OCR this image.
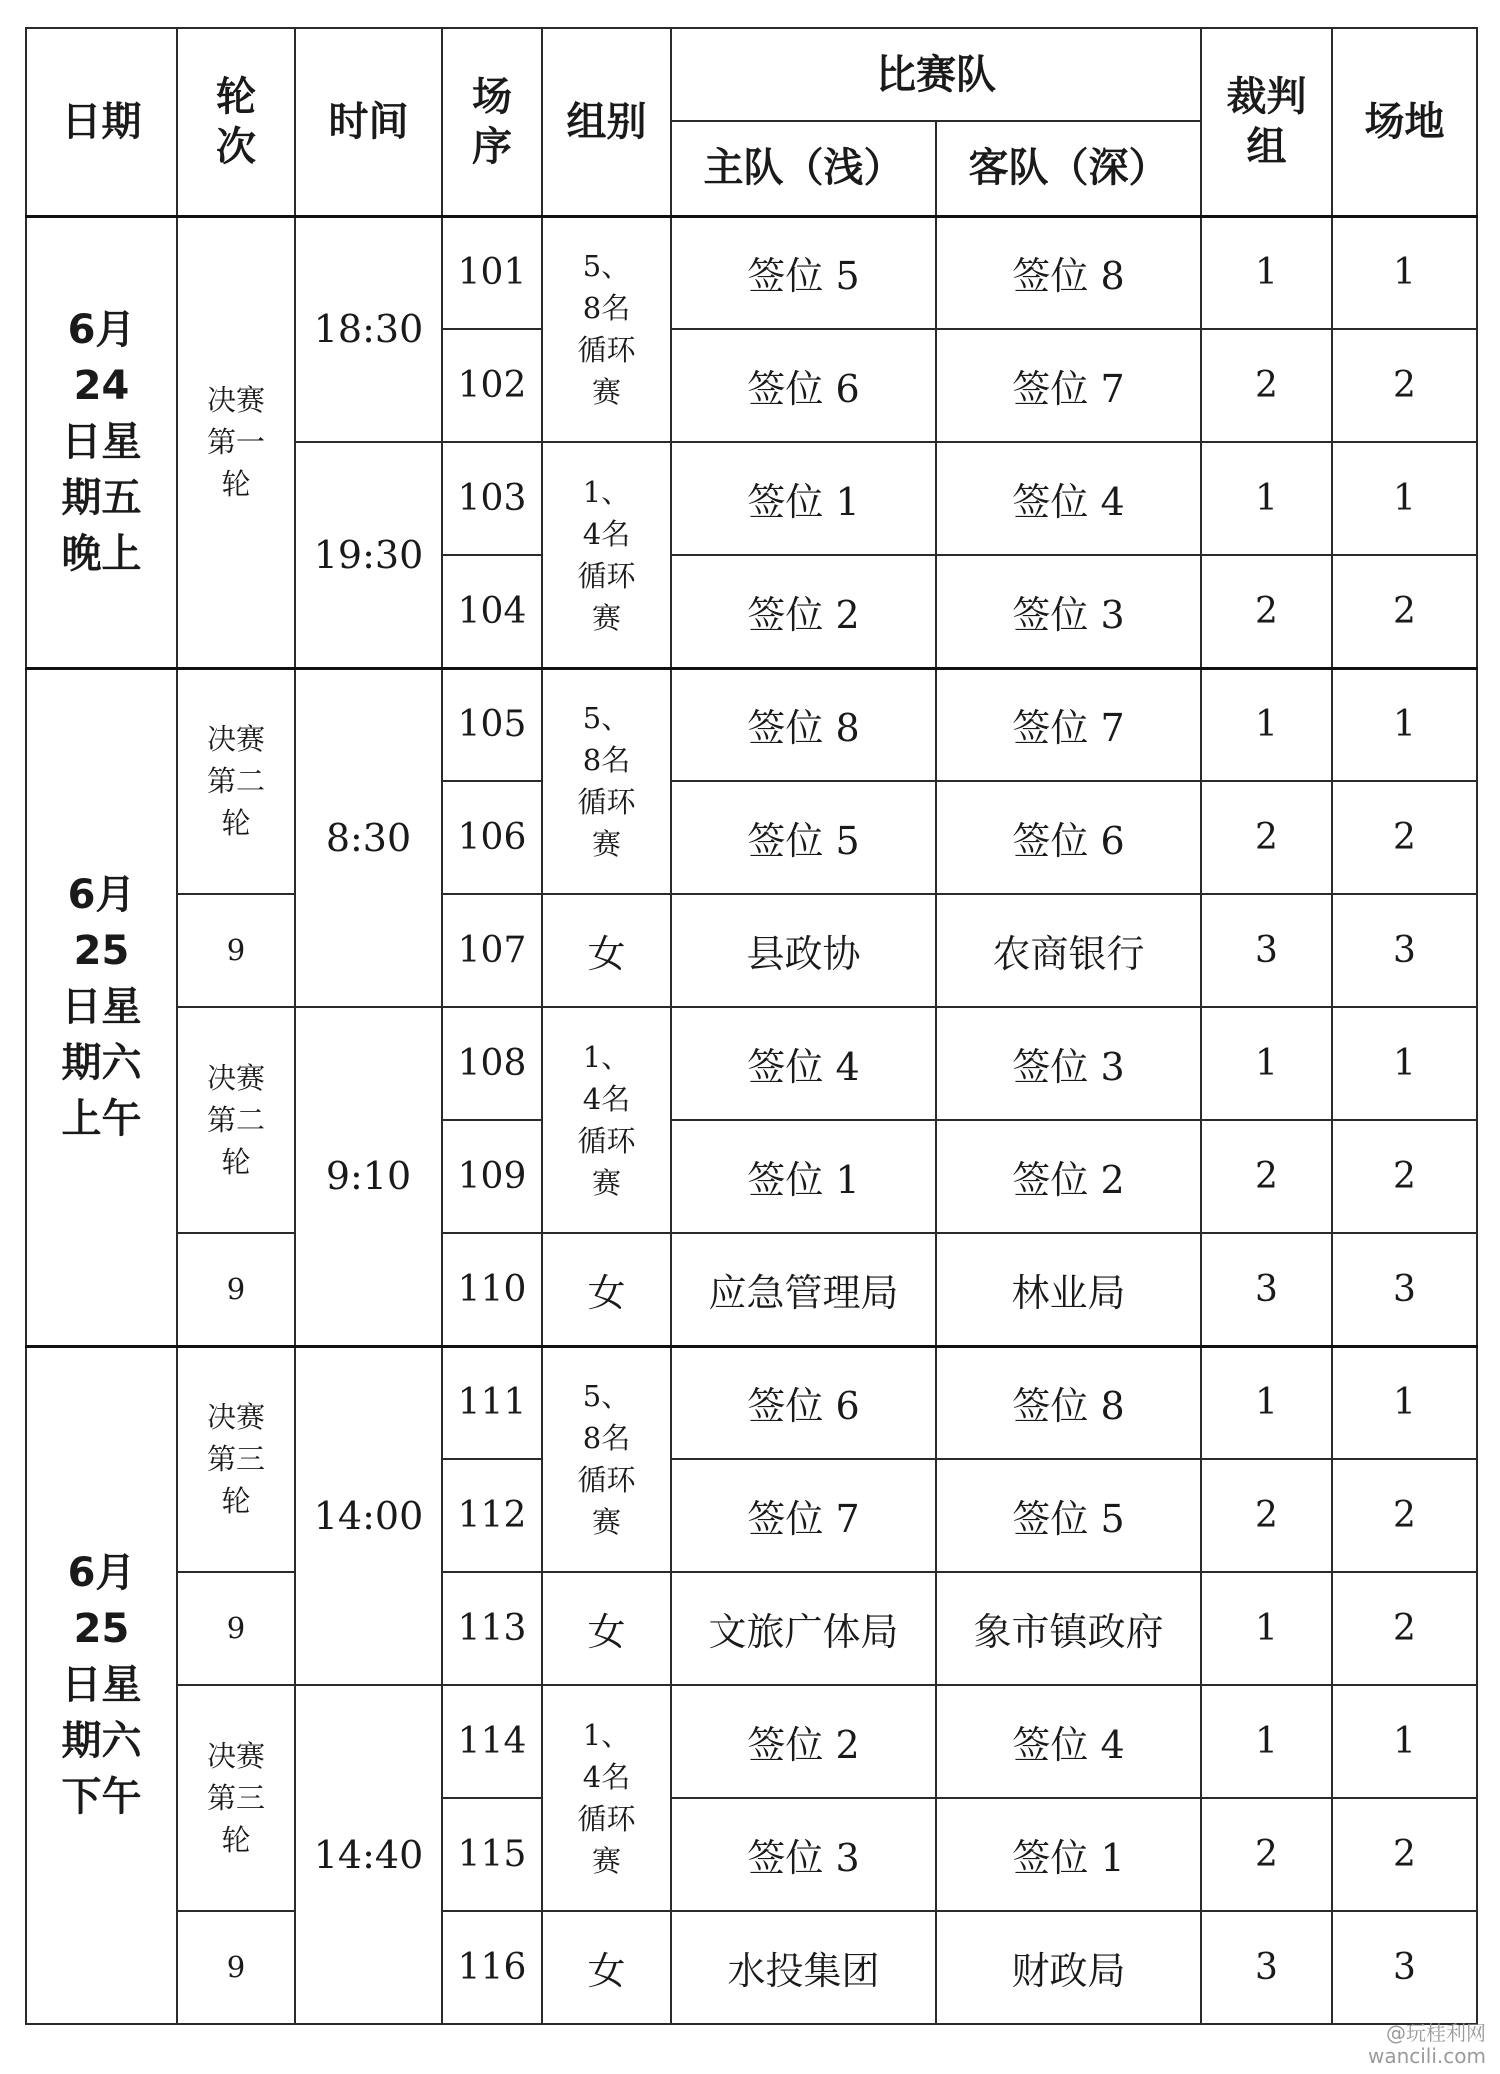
日期	轮次	时间	场序	组别	比赛队		裁判组	场地
					主队（浅）	客队（深）		

6月24日星期五晚上	决赛第一轮	18:30	101	5、8名循环赛	签位 5	签位 8	1	1
			102		签位 6	签位 7	2	2
		19:30	103	1、4名循环赛	签位 1	签位 4	1	1
			104		签位 2	签位 3	2	2

6月25日星期六上午	决赛第二轮	8:30	105	5、8名循环赛	签位 8	签位 7	1	1
			106		签位 5	签位 6	2	2
	9		107	女	县政协	农商银行	3	3

	决赛第二轮	9:10	108	1、4名循环赛	签位 4	签位 3	1	1
			109		签位 1	签位 2	2	2
	9		110	女	应急管理局	林业局	3	3

6月25日星期六下午	决赛第三轮	14:00	111	5、8名循环赛	签位 6	签位 8	1	1
			112		签位 7	签位 5	2	2
	9		113	女	文旅广体局	象市镇政府	1	2

	决赛第三轮	14:40	114	1、4名循环赛	签位 2	签位 4	1	1
			115		签位 3	签位 1	2	2
	9		116	女	水投集团	财政局	3	3
@玩桂利网
wancili.com
